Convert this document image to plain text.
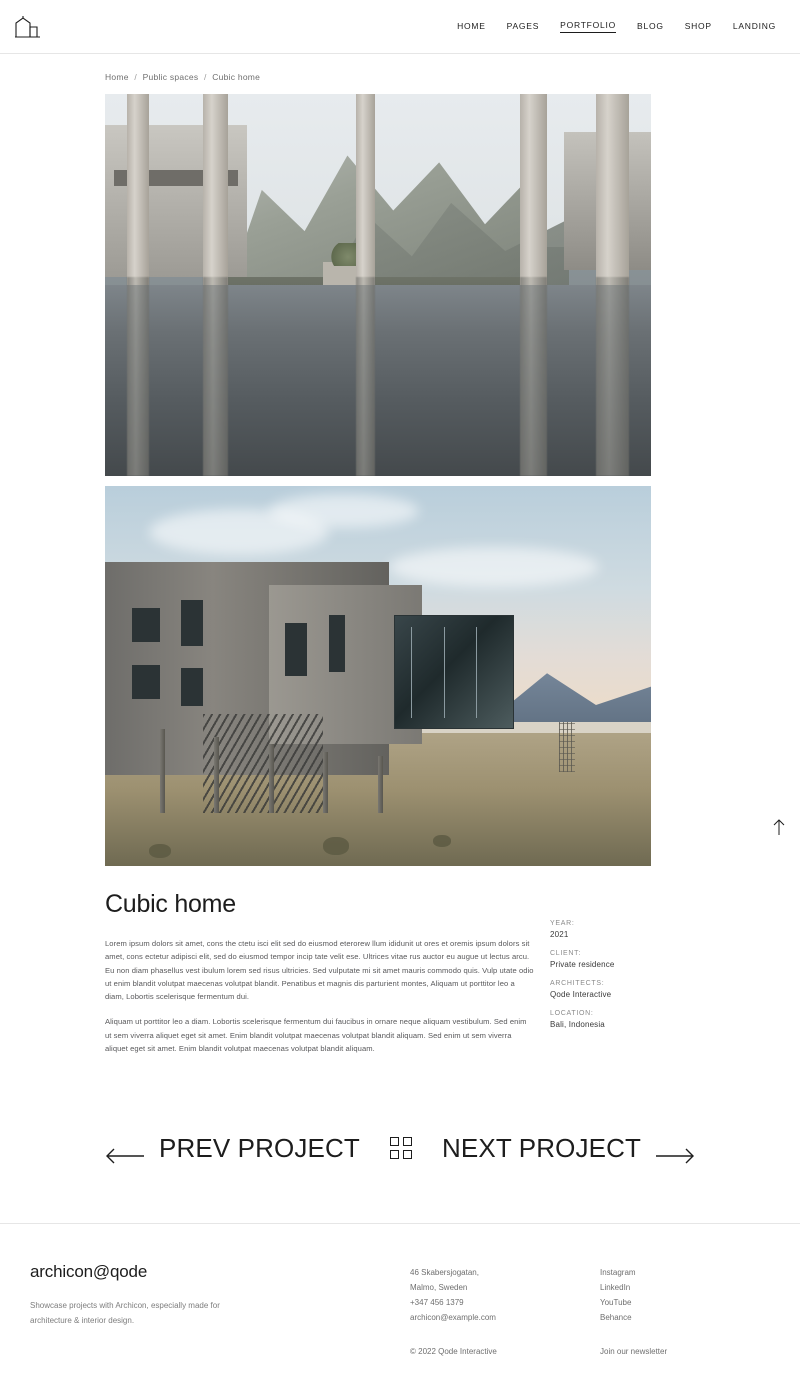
HOME PAGES PORTFOLIO BLOG SHOP LANDING
Home / Public spaces / Cubic home
Cubic home

Lorem ipsum dolors sit amet, cons the ctetu isci elit sed do eiusmod eterorew llum ididunit ut ores et oremis ipsum dolors sit amet, cons ectetur adipisci elit, sed do eiusmod tempor incip tate velit ese. Ultrices vitae rus auctor eu augue ut lectus arcu. Eu non diam phasellus vest ibulum lorem sed risus ultricies. Sed vulputate mi sit amet mauris commodo quis. Vulp utate odio ut enim blandit volutpat maecenas volutpat blandit. Penatibus et magnis dis parturient montes, Aliquam ut porttitor leo a diam, Lobortis scelerisque fermentum dui.

Aliquam ut porttitor leo a diam. Lobortis scelerisque fermentum dui faucibus in ornare neque aliquam vestibulum. Sed enim ut sem viverra aliquet eget sit amet. Enim blandit volutpat maecenas volutpat blandit aliquam. Sed enim ut sem viverra aliquet eget sit amet. Enim blandit volutpat maecenas volutpat blandit aliquam.

YEAR:
2021
CLIENT:
Private residence
ARCHITECTS:
Qode Interactive
LOCATION:
Bali, Indonesia
PREV PROJECT	NEXT PROJECT
archicon@qode
Showcase projects with Archicon, especially made for architecture & interior design.
46 Skabersjogatan,
Malmo, Sweden
+347 456 1379
archicon@example.com
© 2022 Qode Interactive
Instagram
LinkedIn
YouTube
Behance
Join our newsletter
